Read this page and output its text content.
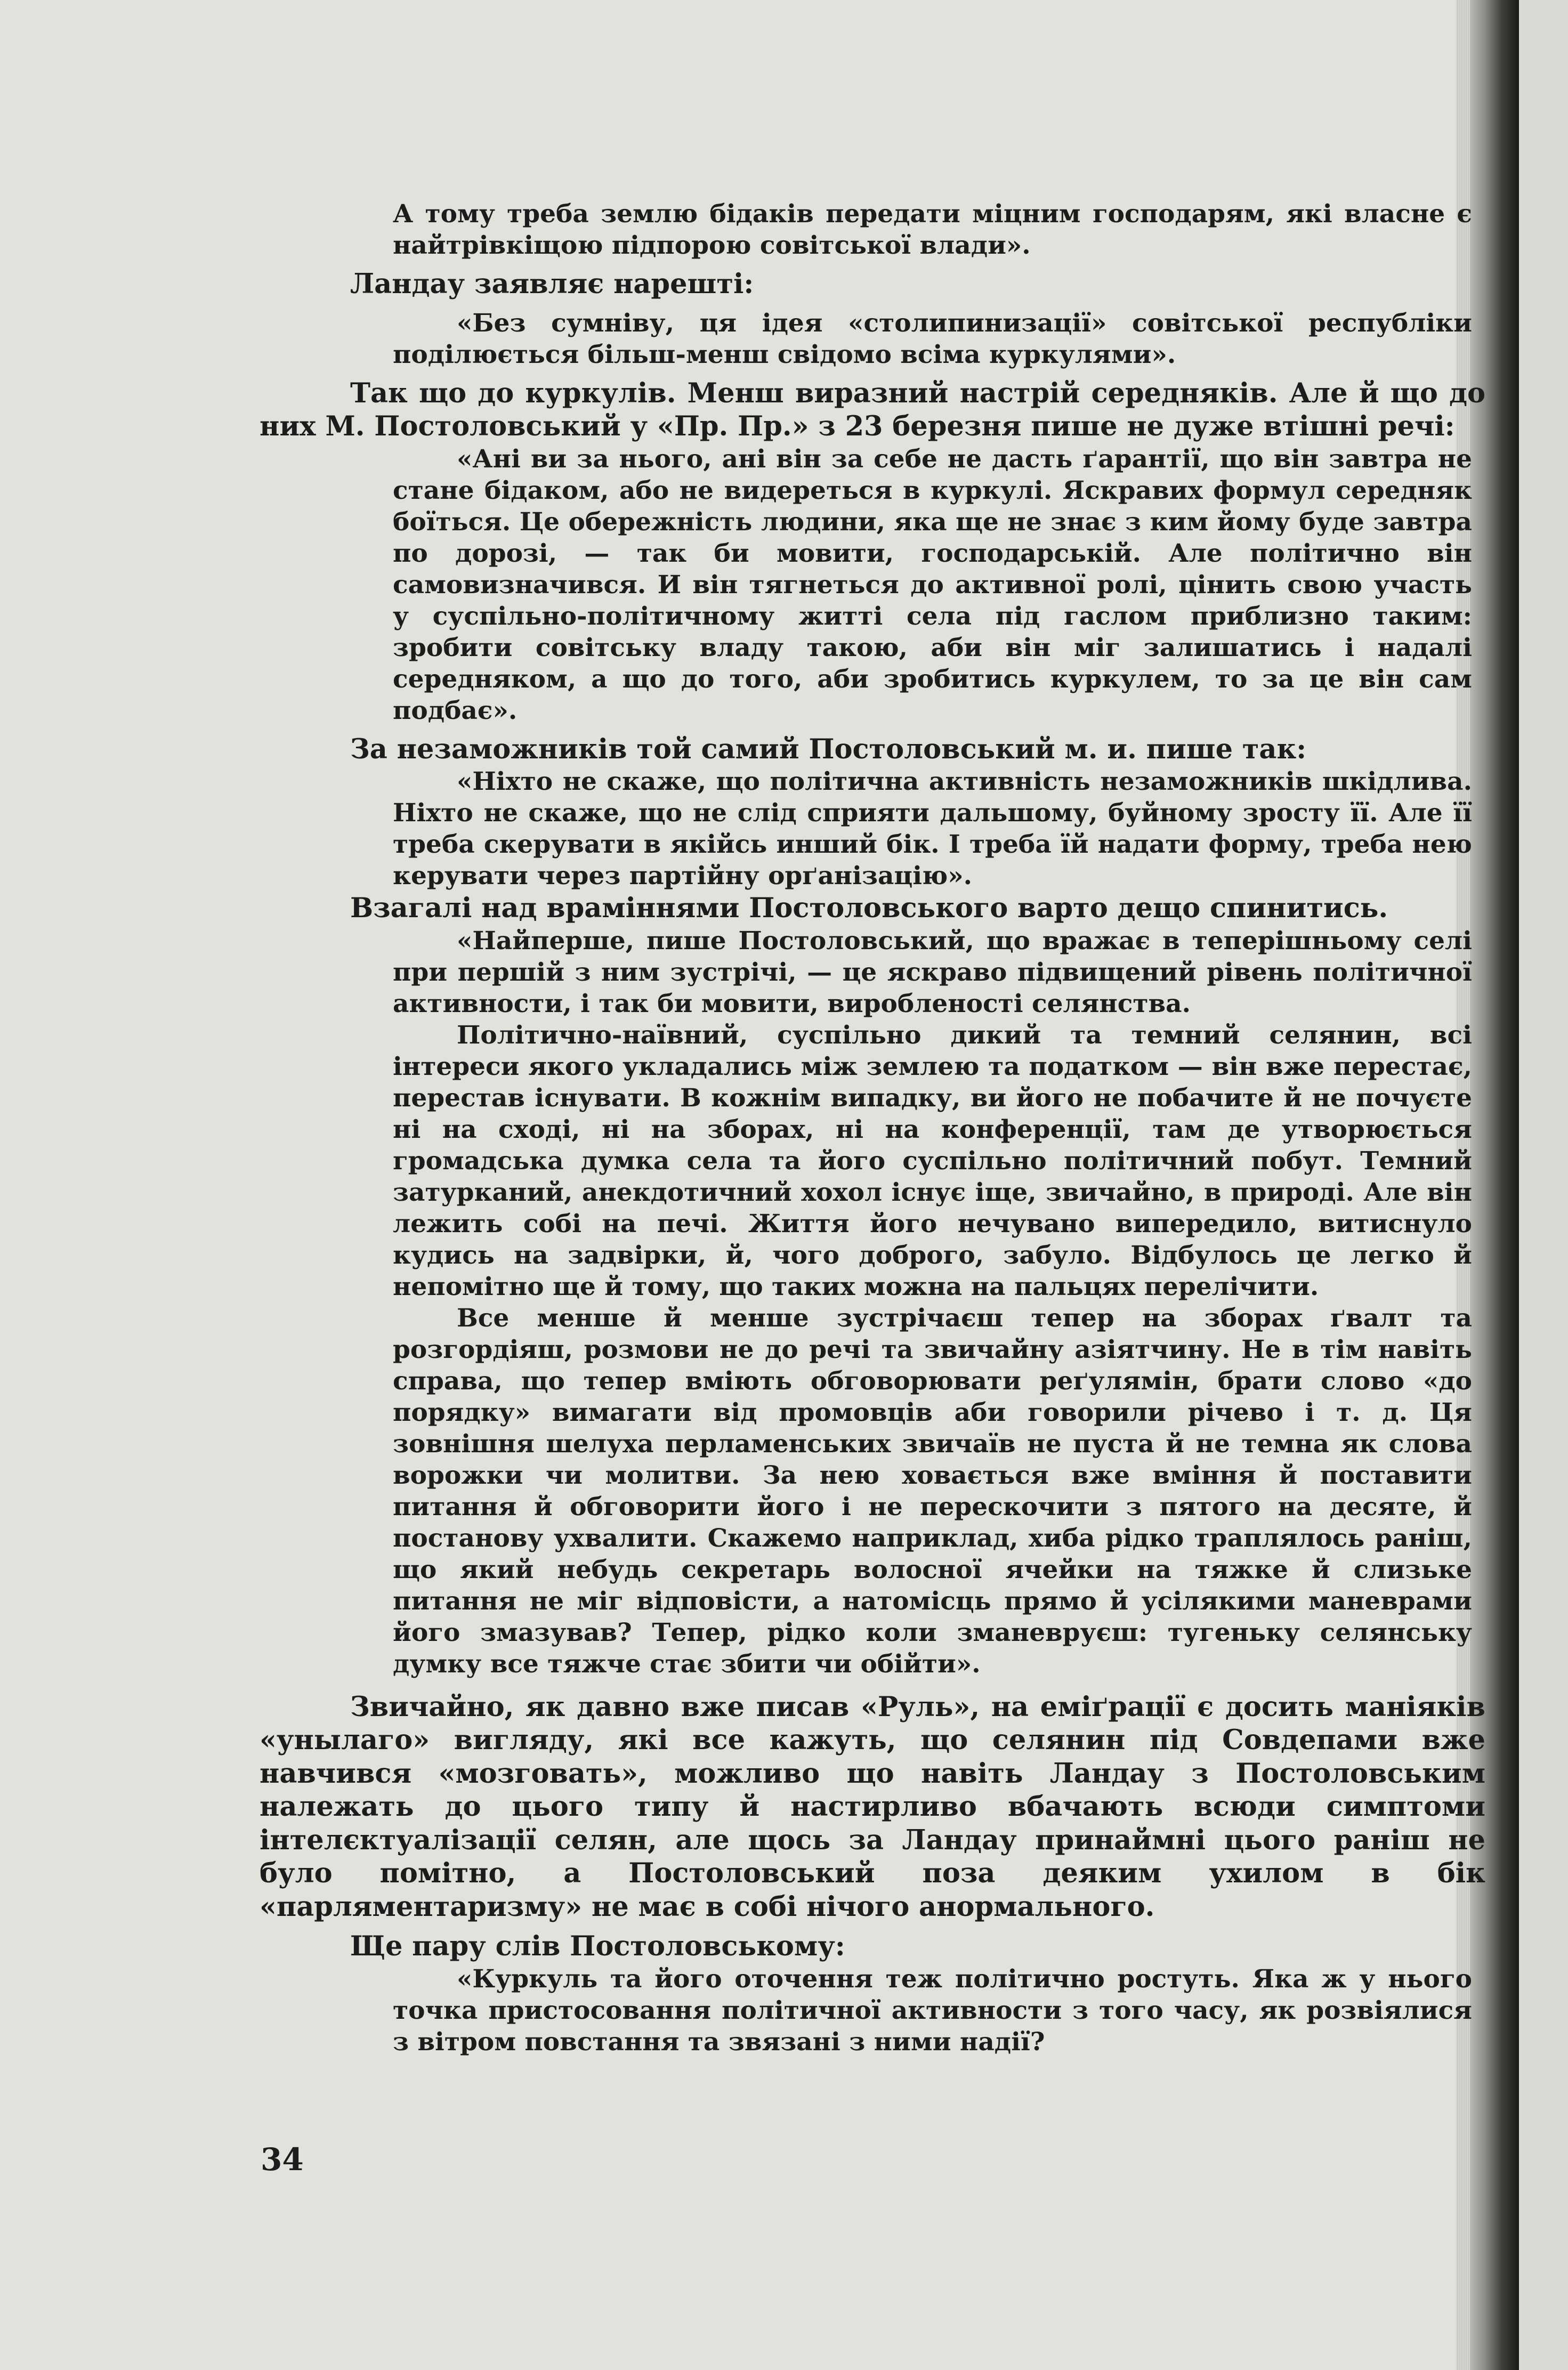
А тому треба землю бідаків передати міцним господарям, які власне є найтрівкіщою підпорою совітської влади».

Ландау заявляє нарешті:

«Без сумніву, ця ідея «столипинизації» совітської республіки поділюється більш-менш свідомо всіма куркулями».

Так що до куркулів. Менш виразний настрій середняків. Але й що до них М. Постоловський у «Пр. Пр.» з 23 березня пише не дуже втішні речі:

«Ані ви за нього, ані він за себе не дасть ґарантії, що він завтра не стане бідаком, або не видереться в куркулі. Яскравих формул середняк боїться. Це обережність людини, яка ще не знає з ким йому буде завтра по дорозі, — так би мовити, господарській. Але політично він самовизначився. И він тягнеться до активної ролі, цінить свою участь у суспільно-політичному житті села під гаслом приблизно таким: зробити совітську владу такою, аби він міг залишатись і надалі середняком, а що до того, аби зробитись куркулем, то за це він сам подбає».

За незаможників той самий Постоловський м. и. пише так:

«Ніхто не скаже, що політична активність незаможників шкідлива. Ніхто не скаже, що не слід сприяти дальшому, буйному зросту її. Але її треба скерувати в якійсь инший бік. І треба їй надати форму, треба нею керувати через партійну орґанізацію».

Взагалі над враміннями Постоловського варто дещо спинитись.

«Найперше, пише Постоловський, що вражає в теперішньому селі при першій з ним зустрічі, — це яскраво підвищений рівень політичної активности, і так би мовити, виробленості селянства.

Політично-наївний, суспільно дикий та темний селянин, всі інтереси якого укладались між землею та податком — він вже перестає, перестав існувати. В кожнім випадку, ви його не побачите й не почуєте ні на сході, ні на зборах, ні на конференції, там де утворюється громадська думка села та його суспільно політичний побут. Темний затурканий, анекдотичний хохол існує іще, звичайно, в природі. Але він лежить собі на печі. Життя його нечувано випередило, витиснуло кудись на задвірки, й, чого доброго, забуло. Відбулось це легко й непомітно ще й тому, що таких можна на пальцях перелічити.

Все менше й менше зустрічаєш тепер на зборах ґвалт та розгордіяш, розмови не до речі та звичайну азіятчину. Не в тім навіть справа, що тепер вміють обговорювати реґулямін, брати слово «до порядку» вимагати від промовців аби говорили річево і т. д. Ця зовнішня шелуха перламенських звичаїв не пуста й не темна як слова ворожки чи молитви. За нею ховається вже вміння й поставити питання й обговорити його і не перескочити з пятого на десяте, й постанову ухвалити. Скажемо наприклад, хиба рідко траплялось раніш, що який небудь секретарь волосної ячейки на тяжке й слизьке питання не міг відповісти, а натомісць прямо й усілякими маневрами його змазував? Тепер, рідко коли зманевруєш: тугеньку селянську думку все тяжче стає збити чи обійти».

Звичайно, як давно вже писав «Руль», на еміґрації є досить маніяків «унылаго» вигляду, які все кажуть, що селянин під Совдепами вже навчився «мозговать», можливо що навіть Ландау з Постоловським належать до цього типу й настирливо вбачають всюди симптоми інтелєктуалізації селян, але щось за Ландау принаймні цього раніш не було помітно, а Постоловський поза деяким ухилом в бік «парляментаризму» не має в собі нічого анормального.

Ще пару слів Постоловському:

«Куркуль та його оточення теж політично ростуть. Яка ж у нього точка пристосовання політичної активности з того часу, як розвіялися з вітром повстання та звязані з ними надії?

34
